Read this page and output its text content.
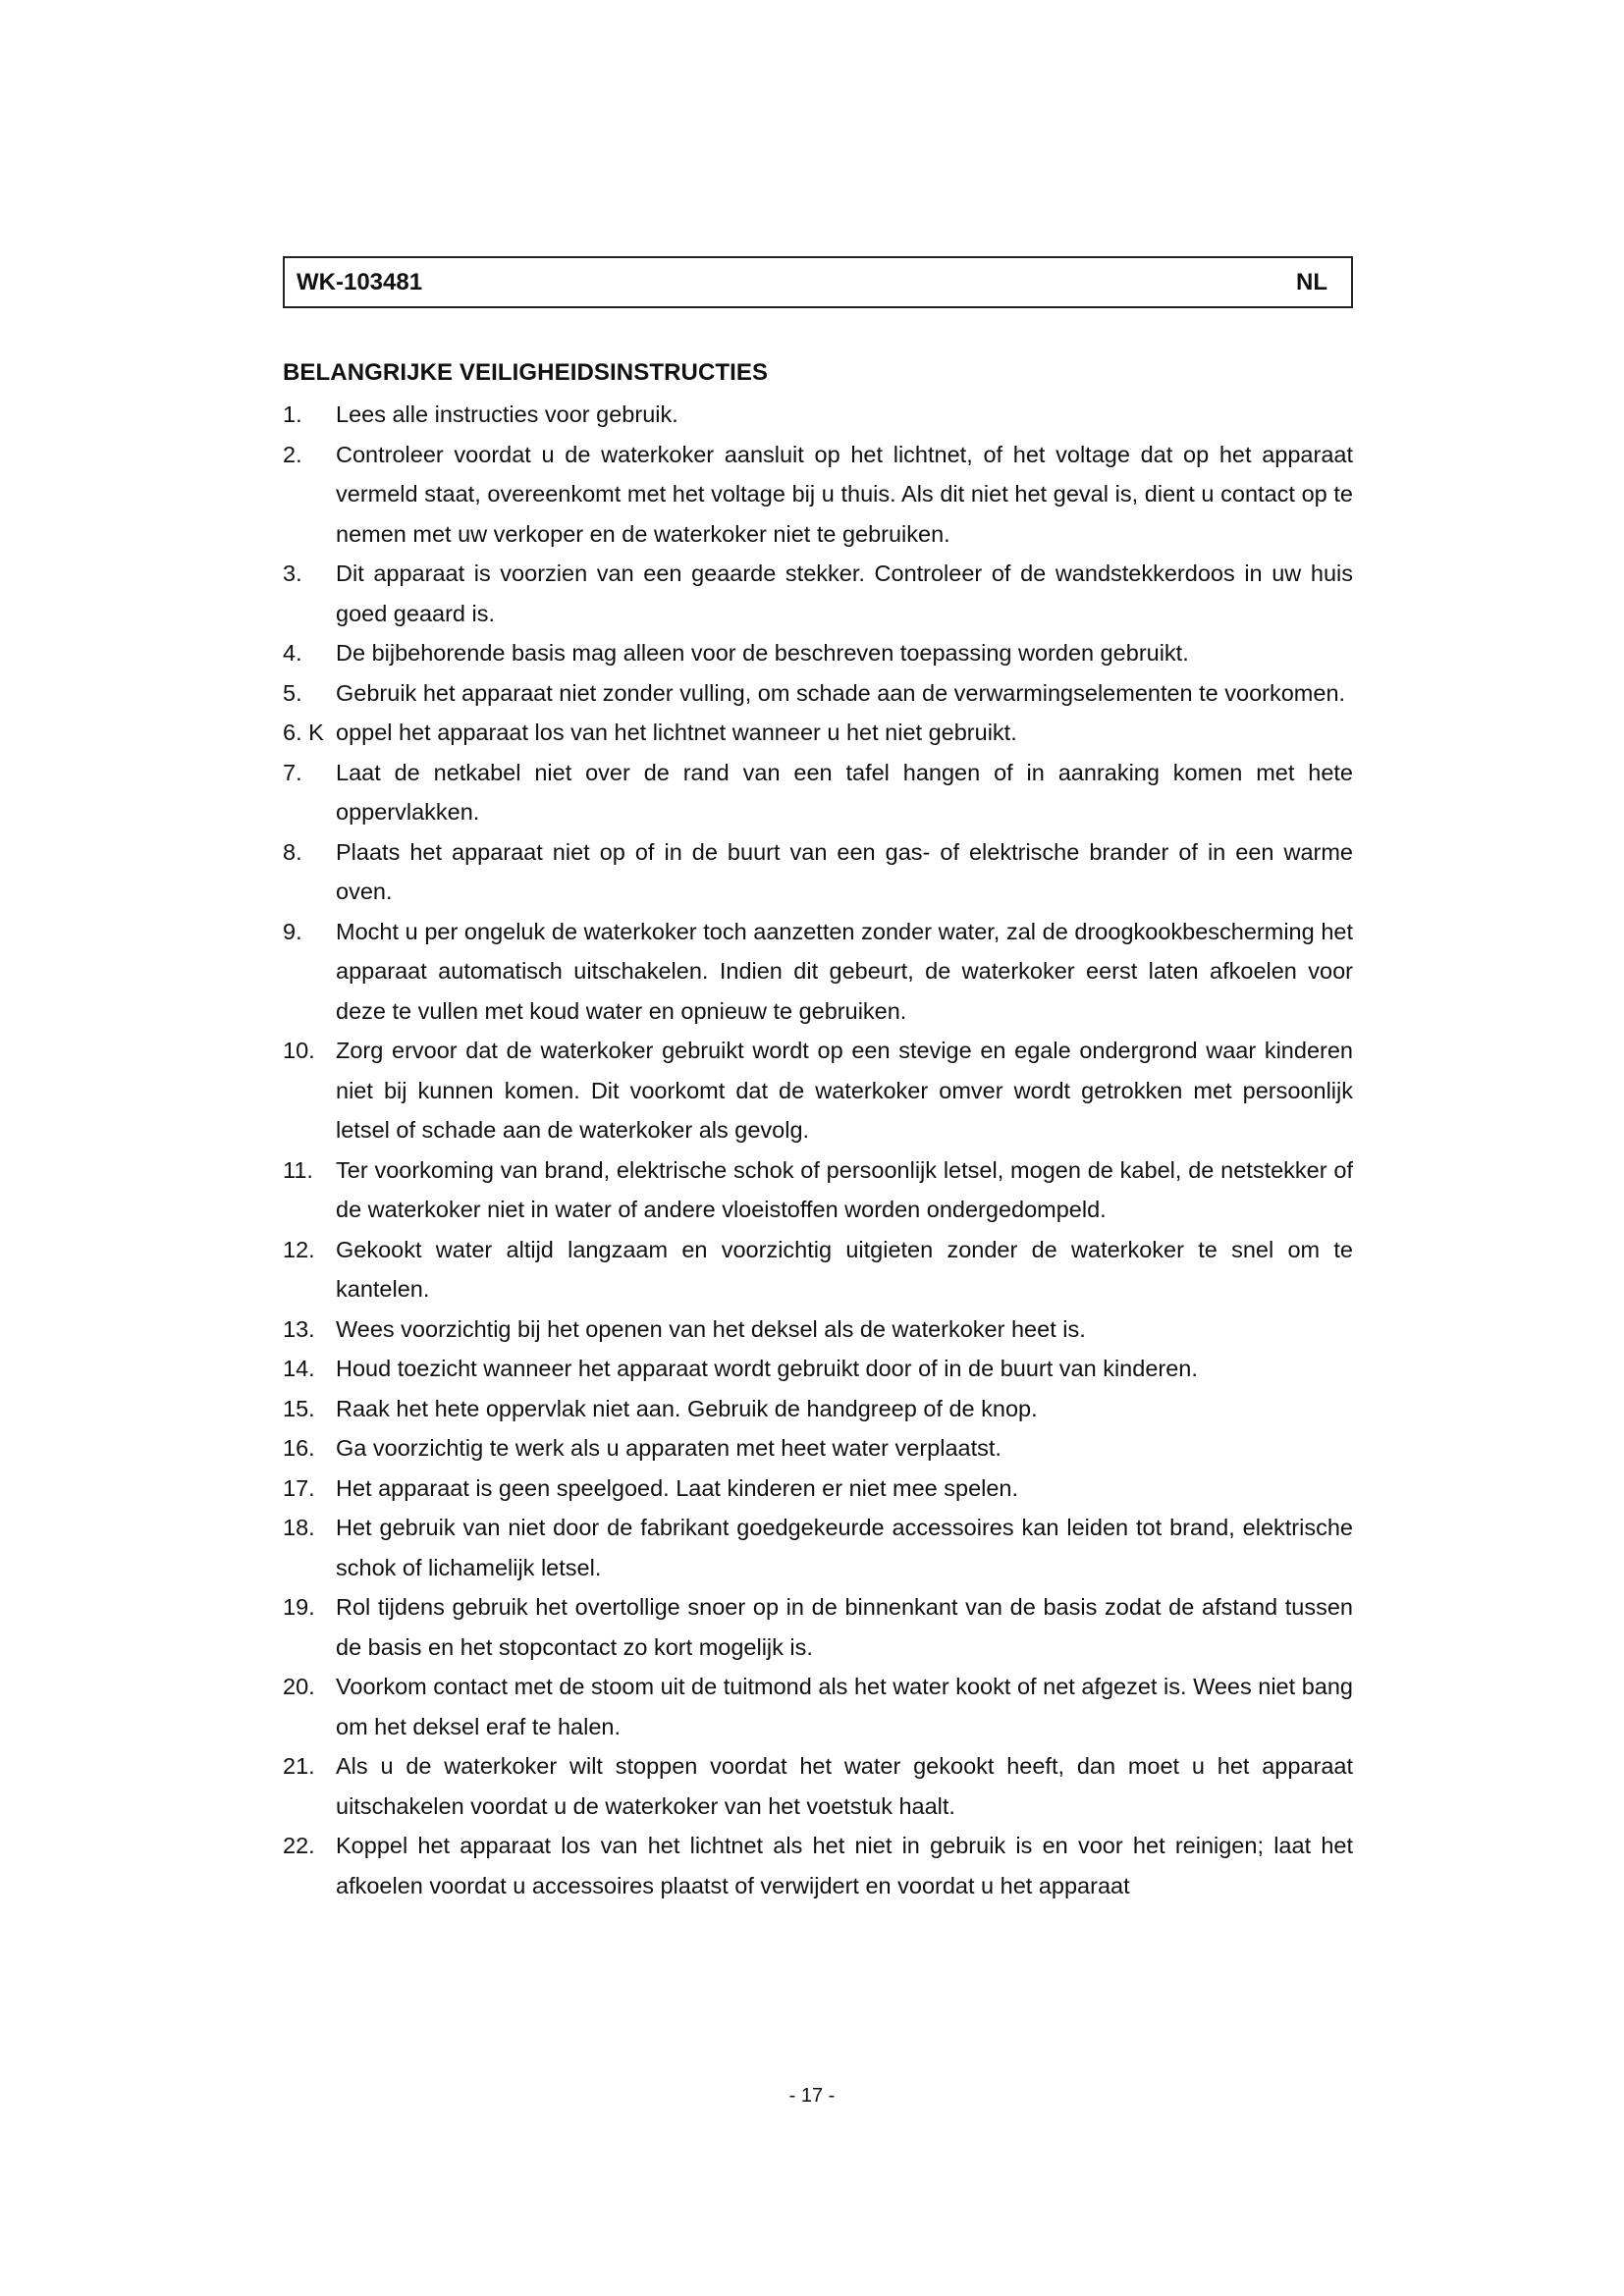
WK-103481	NL
BELANGRIJKE VEILIGHEIDSINSTRUCTIES
1.	Lees alle instructies voor gebruik.
2.	Controleer voordat u de waterkoker aansluit op het lichtnet, of het voltage dat op het apparaat vermeld staat, overeenkomt met het voltage bij u thuis. Als dit niet het geval is, dient u contact op te nemen met uw verkoper en de waterkoker niet te gebruiken.
3.	Dit apparaat is voorzien van een geaarde stekker. Controleer of de wandstekkerdoos in uw huis goed geaard is.
4.	De bijbehorende basis mag alleen voor de beschreven toepassing worden gebruikt.
5.	Gebruik het apparaat niet zonder vulling, om schade aan de verwarmingselementen te voorkomen.
6. K oppel het apparaat los van het lichtnet wanneer u het niet gebruikt.
7.	Laat de netkabel niet over de rand van een tafel hangen of in aanraking komen met hete oppervlakken.
8.	Plaats het apparaat niet op of in de buurt van een gas- of elektrische brander of in een warme oven.
9.	Mocht u per ongeluk de waterkoker toch aanzetten zonder water, zal de droogkookbescherming het apparaat automatisch uitschakelen. Indien dit gebeurt, de waterkoker eerst laten afkoelen voor deze te vullen met koud water en opnieuw te gebruiken.
10. Zorg ervoor dat de waterkoker gebruikt wordt op een stevige en egale ondergrond waar kinderen niet bij kunnen komen. Dit voorkomt dat de waterkoker omver wordt getrokken met persoonlijk letsel of schade aan de waterkoker als gevolg.
11. Ter voorkoming van brand, elektrische schok of persoonlijk letsel, mogen de kabel, de netstekker of de waterkoker niet in water of andere vloeistoffen worden ondergedompeld.
12. Gekookt water altijd langzaam en voorzichtig uitgieten zonder de waterkoker te snel om te kantelen.
13. Wees voorzichtig bij het openen van het deksel als de waterkoker heet is.
14. Houd toezicht wanneer het apparaat wordt gebruikt door of in de buurt van kinderen.
15. Raak het hete oppervlak niet aan. Gebruik de handgreep of de knop.
16. Ga voorzichtig te werk als u apparaten met heet water verplaatst.
17. Het apparaat is geen speelgoed. Laat kinderen er niet mee spelen.
18. Het gebruik van niet door de fabrikant goedgekeurde accessoires kan leiden tot brand, elektrische schok of lichamelijk letsel.
19. Rol tijdens gebruik het overtollige snoer op in de binnenkant van de basis zodat de afstand tussen de basis en het stopcontact zo kort mogelijk is.
20. Voorkom contact met de stoom uit de tuitmond als het water kookt of net afgezet is. Wees niet bang om het deksel eraf te halen.
21. Als u de waterkoker wilt stoppen voordat het water gekookt heeft, dan moet u het apparaat uitschakelen voordat u de waterkoker van het voetstuk haalt.
22. Koppel het apparaat los van het lichtnet als het niet in gebruik is en voor het reinigen; laat het afkoelen voordat u accessoires plaatst of verwijdert en voordat u het apparaat
- 17 -
